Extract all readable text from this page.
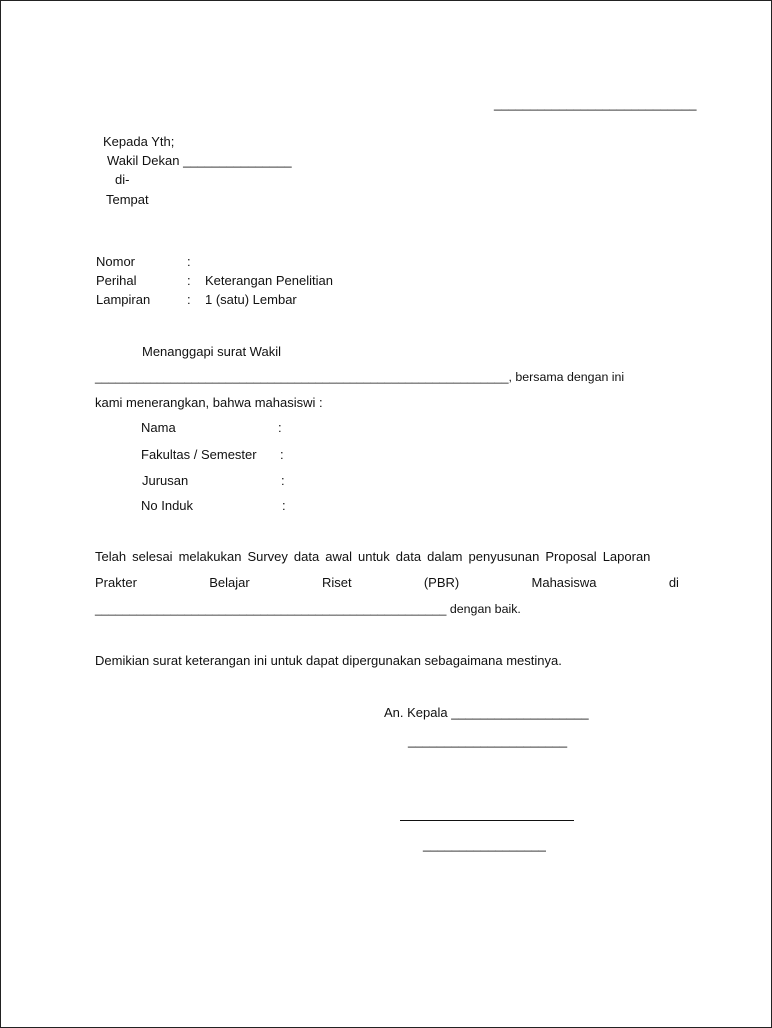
____________________________
Kepada Yth;
Wakil Dekan _______________
di-
Tempat
Nomor	:
Perihal	: Keterangan Penelitian
Lampiran	: 1 (satu) Lembar
Menanggapi surat Wakil
____________________________________________________________, bersama dengan ini
kami menerangkan, bahwa mahasiswi :
Nama	:
Fakultas / Semester :
Jurusan	:
No Induk	:
Telah selesai melakukan Survey data awal untuk data dalam penyusunan Proposal Laporan
Prakter	Belajar	Riset	(PBR)	Mahasiswa	di
___________________________________________________ dengan baik.
Demikian surat keterangan ini untuk dapat dipergunakan sebagaimana mestinya.
An. Kepala ___________________
______________________
_________________
